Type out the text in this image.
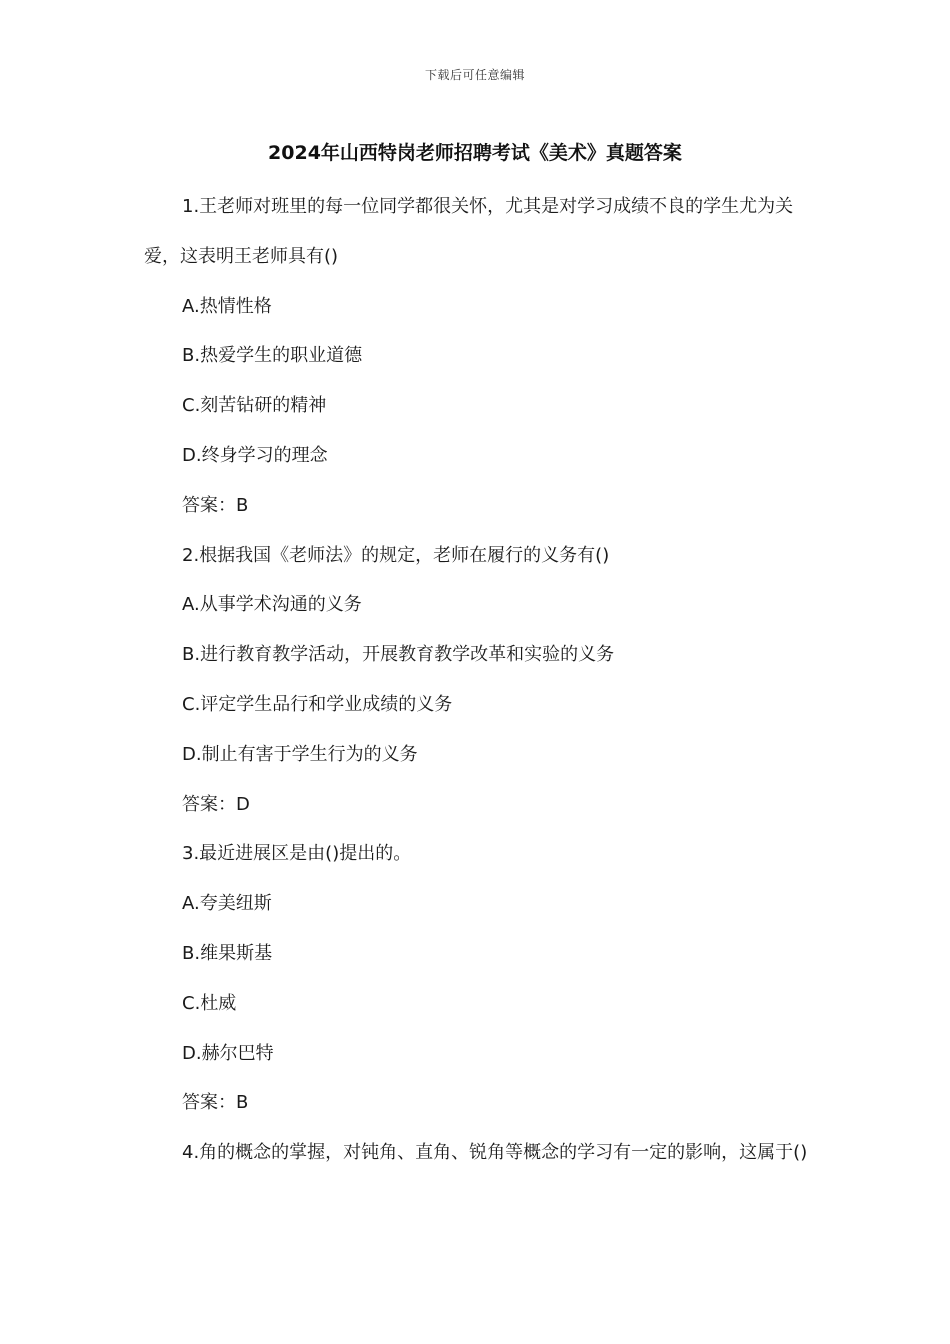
下载后可任意编辑
2024年山西特岗老师招聘考试《美术》真题答案
1.王老师对班里的每一位同学都很关怀，尤其是对学习成绩不良的学生尤为关爱，这表明王老师具有()
A.热情性格
B.热爱学生的职业道德
C.刻苦钻研的精神
D.终身学习的理念
答案：B
2.根据我国《老师法》的规定，老师在履行的义务有()
A.从事学术沟通的义务
B.进行教育教学活动，开展教育教学改革和实验的义务
C.评定学生品行和学业成绩的义务
D.制止有害于学生行为的义务
答案：D
3.最近进展区是由()提出的。
A.夸美纽斯
B.维果斯基
C.杜威
D.赫尔巴特
答案：B
4.角的概念的掌握，对钝角、直角、锐角等概念的学习有一定的影响，这属于()
